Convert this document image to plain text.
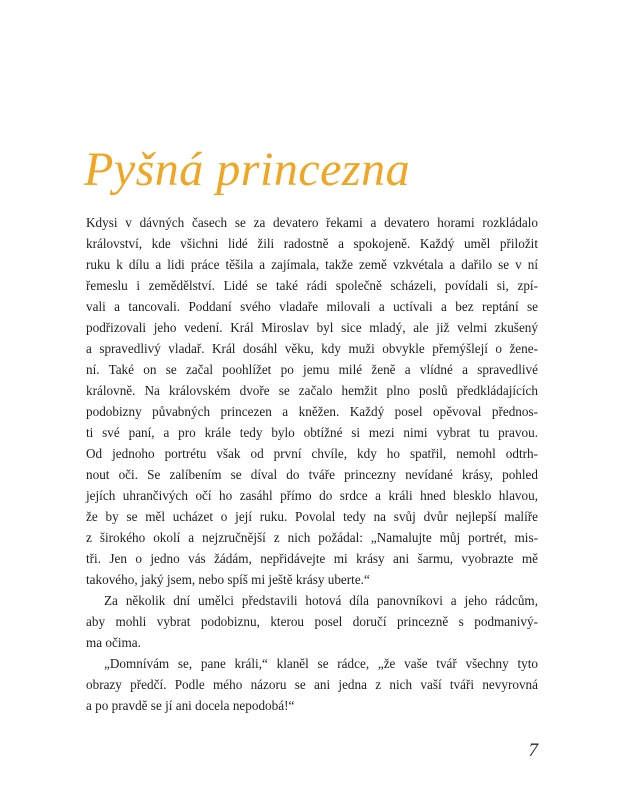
Pyšná princezna
Kdysi v dávných časech se za devatero řekami a devatero horami rozkládalo
království, kde všichni lidé žili radostně a spokojeně. Každý uměl přiložit
ruku k dílu a lidi práce těšila a zajímala, takže země vzkvétala a dařilo se v ní
řemeslu i zemědělství. Lidé se také rádi společně scházeli, povídali si, zpí-
vali a tancovali. Poddaní svého vladaře milovali a uctívali a bez reptání se
podřizovali jeho vedení. Král Miroslav byl sice mladý, ale již velmi zkušený
a spravedlivý vladař. Král dosáhl věku, kdy muži obvykle přemýšlejí o žene-
ní. Také on se začal poohlížet po jemu milé ženě a vlídné a spravedlivé
královně. Na královském dvoře se začalo hemžit plno poslů předkládajících
podobizny půvabných princezen a kněžen. Každý posel opěvoval přednos-
ti své paní, a pro krále tedy bylo obtížné si mezi nimi vybrat tu pravou.
Od jednoho portrétu však od první chvíle, kdy ho spatřil, nemohl odtrh-
nout oči. Se zalíbením se díval do tváře princezny nevídané krásy, pohled
jejích uhrančivých očí ho zasáhl přímo do srdce a králi hned blesklo hlavou,
že by se měl ucházet o její ruku. Povolal tedy na svůj dvůr nejlepší malíře
z širokého okolí a nejzručnější z nich požádal: „Namalujte můj portrét, mis-
tři. Jen o jedno vás žádám, nepřidávejte mi krásy ani šarmu, vyobrazte mě
takového, jaký jsem, nebo spíš mi ještě krásy uberte.“
Za několik dní umělci představili hotová díla panovníkovi a jeho rádcům,
aby mohli vybrat podobiznu, kterou posel doručí princezně s podmanivý-
ma očima.
„Domnívám se, pane králi,“ klaněl se rádce, „že vaše tvář všechny tyto
obrazy předčí. Podle mého názoru se ani jedna z nich vaší tváři nevyrovná
a po pravdě se jí ani docela nepodobá!“
7
